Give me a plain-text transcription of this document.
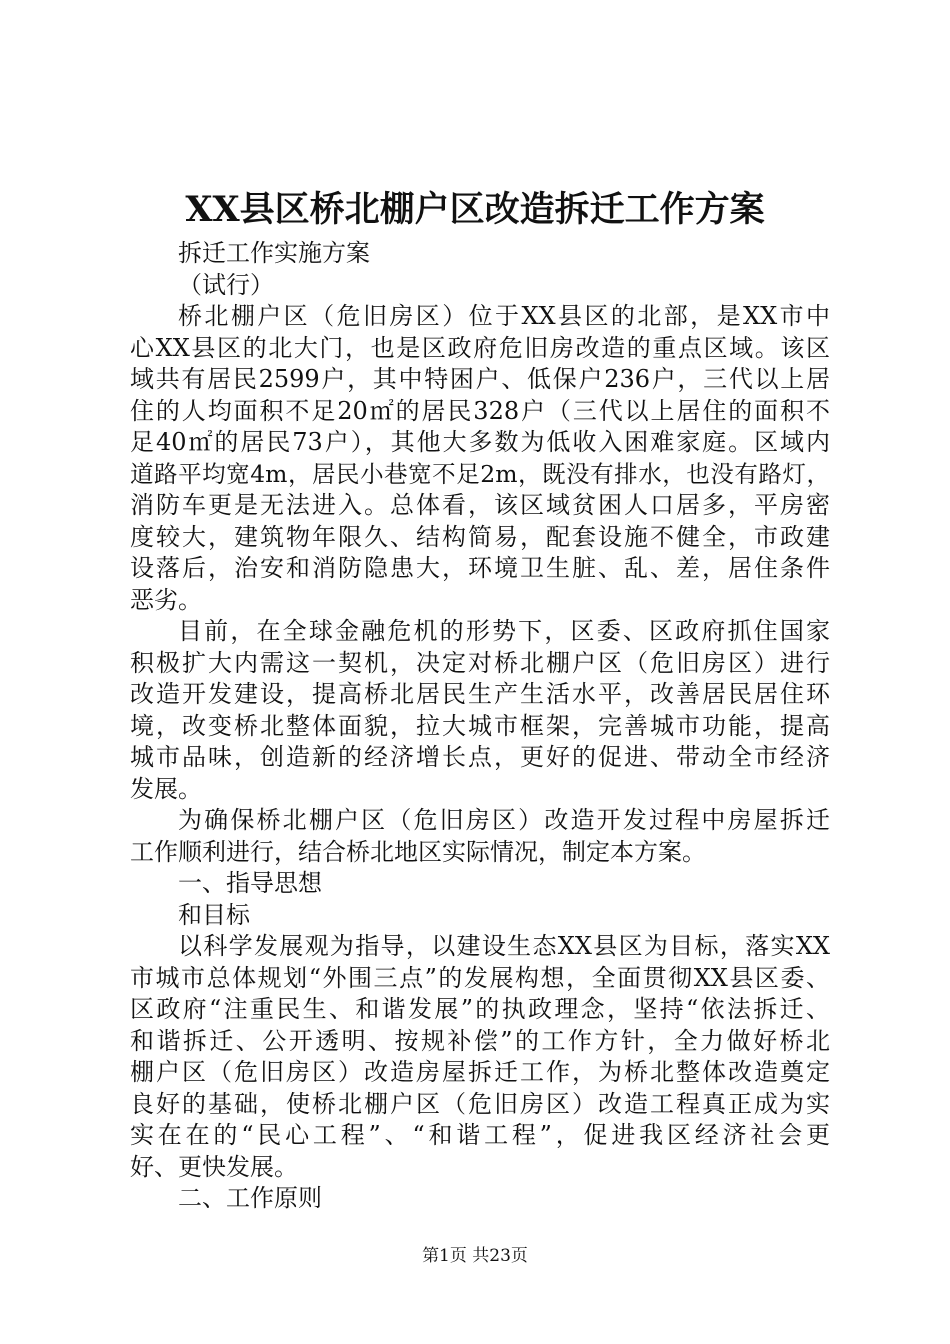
XX县区桥北棚户区改造拆迁工作方案
拆迁工作实施方案
（试行）
桥北棚户区（危旧房区）位于XX县区的北部，是XX市中
心XX县区的北大门，也是区政府危旧房改造的重点区域。该区
域共有居民2599户，其中特困户、低保户236户，三代以上居
住的人均面积不足20㎡的居民328户（三代以上居住的面积不
足40㎡的居民73户），其他大多数为低收入困难家庭。区域内
道路平均宽4m，居民小巷宽不足2m，既没有排水，也没有路灯，
消防车更是无法进入。总体看，该区域贫困人口居多，平房密
度较大，建筑物年限久、结构简易，配套设施不健全，市政建
设落后，治安和消防隐患大，环境卫生脏、乱、差，居住条件
恶劣。
目前，在全球金融危机的形势下，区委、区政府抓住国家
积极扩大内需这一契机，决定对桥北棚户区（危旧房区）进行
改造开发建设，提高桥北居民生产生活水平，改善居民居住环
境，改变桥北整体面貌，拉大城市框架，完善城市功能，提高
城市品味，创造新的经济增长点，更好的促进、带动全市经济
发展。
为确保桥北棚户区（危旧房区）改造开发过程中房屋拆迁
工作顺利进行，结合桥北地区实际情况，制定本方案。
一、指导思想
和目标
以科学发展观为指导，以建设生态XX县区为目标，落实XX
市城市总体规划“外围三点”的发展构想，全面贯彻XX县区委、
区政府“注重民生、和谐发展”的执政理念，坚持“依法拆迁、
和谐拆迁、公开透明、按规补偿”的工作方针，全力做好桥北
棚户区（危旧房区）改造房屋拆迁工作，为桥北整体改造奠定
良好的基础，使桥北棚户区（危旧房区）改造工程真正成为实
实在在的“民心工程”、“和谐工程”，促进我区经济社会更
好、更快发展。
二、工作原则
第1页 共23页
